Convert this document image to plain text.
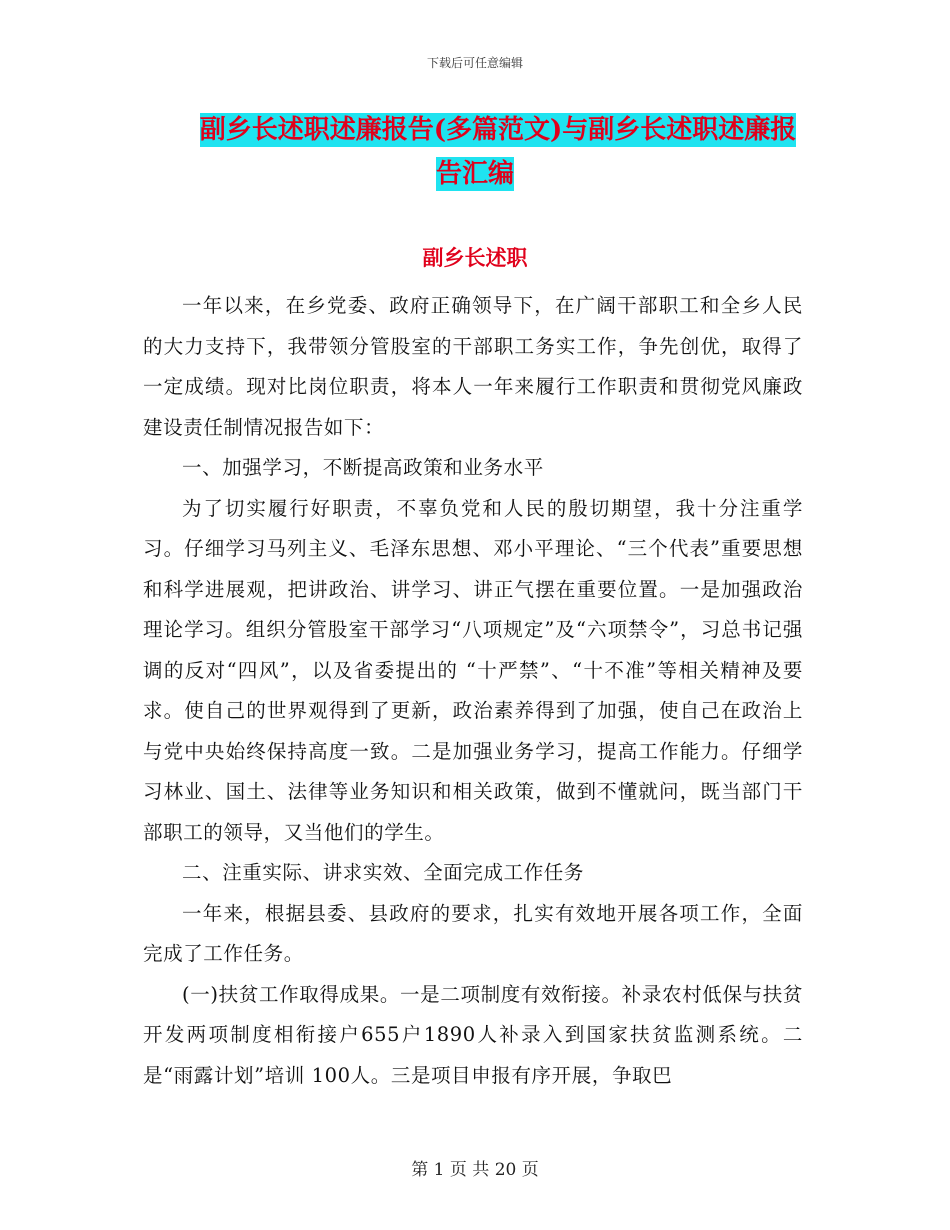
下载后可任意编辑
副乡长述职述廉报告(多篇范文)与副乡长述职述廉报
告汇编
副乡长述职

一年以来，在乡党委、政府正确领导下，在广阔干部职工和全乡人民的大力支持下，我带领分管股室的干部职工务实工作，争先创优，取得了一定成绩。现对比岗位职责，将本人一年来履行工作职责和贯彻党风廉政建设责任制情况报告如下：

一、加强学习，不断提高政策和业务水平

为了切实履行好职责，不辜负党和人民的殷切期望，我十分注重学习。仔细学习马列主义、毛泽东思想、邓小平理论、“三个代表”重要思想和科学进展观，把讲政治、讲学习、讲正气摆在重要位置。一是加强政治理论学习。组织分管股室干部学习“八项规定”及“六项禁令”，习总书记强调的反对“四风”，以及省委提出的 “十严禁”、“十不准”等相关精神及要求。使自己的世界观得到了更新，政治素养得到了加强，使自己在政治上与党中央始终保持高度一致。二是加强业务学习，提高工作能力。仔细学习林业、国土、法律等业务知识和相关政策，做到不懂就问，既当部门干部职工的领导，又当他们的学生。

二、注重实际、讲求实效、全面完成工作任务

一年来，根据县委、县政府的要求，扎实有效地开展各项工作，全面完成了工作任务。

(一)扶贫工作取得成果。一是二项制度有效衔接。补录农村低保与扶贫开发两项制度相衔接户655户1890人补录入到国家扶贫监测系统。二是“雨露计划”培训 100人。三是项目申报有序开展，争取巴

第 1 页 共 20 页
